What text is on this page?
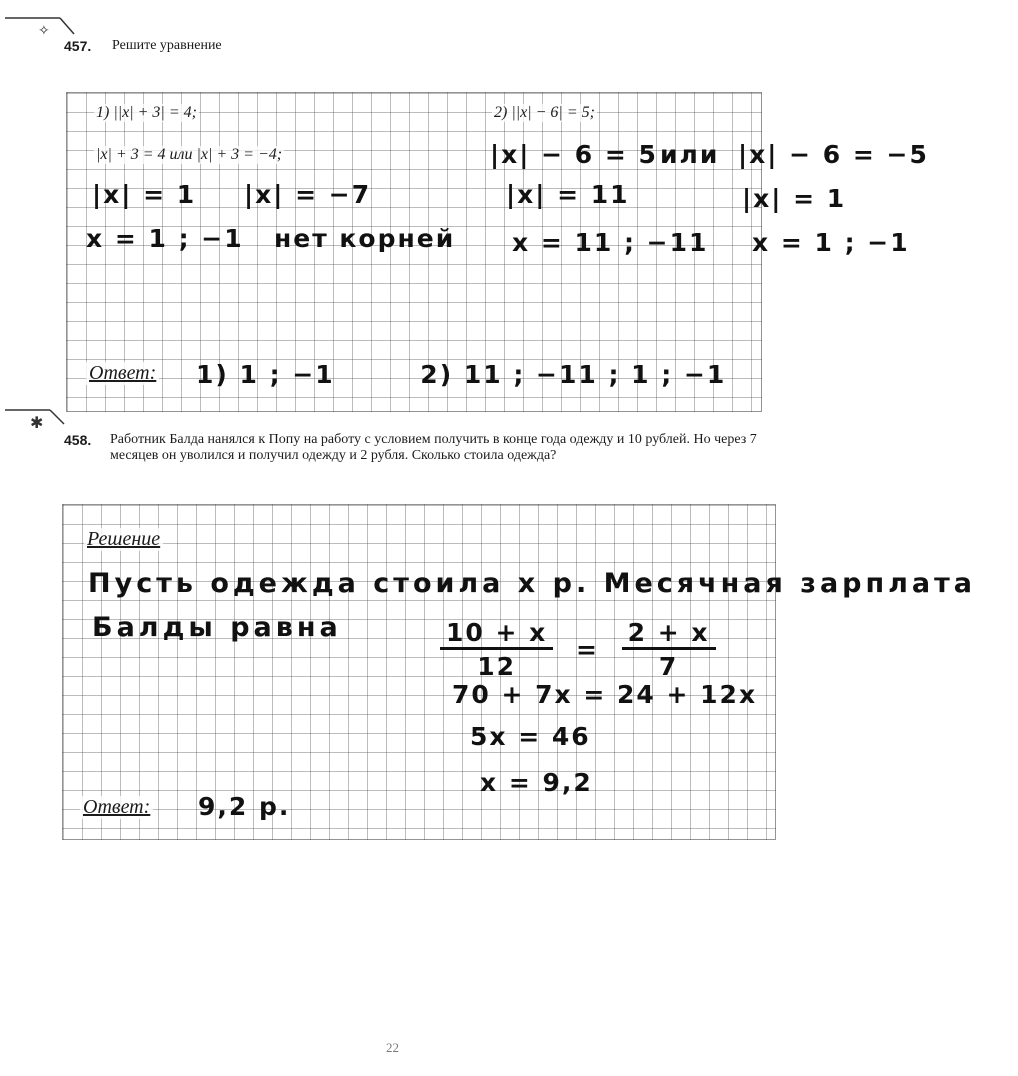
✧
✱
457. Решите уравнение
1) ||x| + 3| = 4;	2) ||x| − 6| = 5;
|x| + 3 = 4 или |x| + 3 = −4;	|x| − 6 = 5 или |x| − 6 = −5
|x| = 1 |x| = −7	|x| = 11	|x| = 1
x = 1 ; −1 нет корней x = 11 ; −11 x = 1 ; −1
Ответ: 1) 1 ; −1        2) 11 ; −11 ; 1 ; −1
458. Работник Балда нанялся к Попу на работу с условием получить в конце года одежду и 10 рублей. Но через 7 месяцев он уволился и получил одежду и 2 рубля. Сколько стоила одежда?
Решение
Пусть одежда стоила x р. Месячная зарплата
Балды равна	$\frac{10 + x}{12} = \frac{2 + x}{7}$
70 + 7x = 24 + 12x
5x = 46
x = 9,2
Ответ: 9,2 р.
22
